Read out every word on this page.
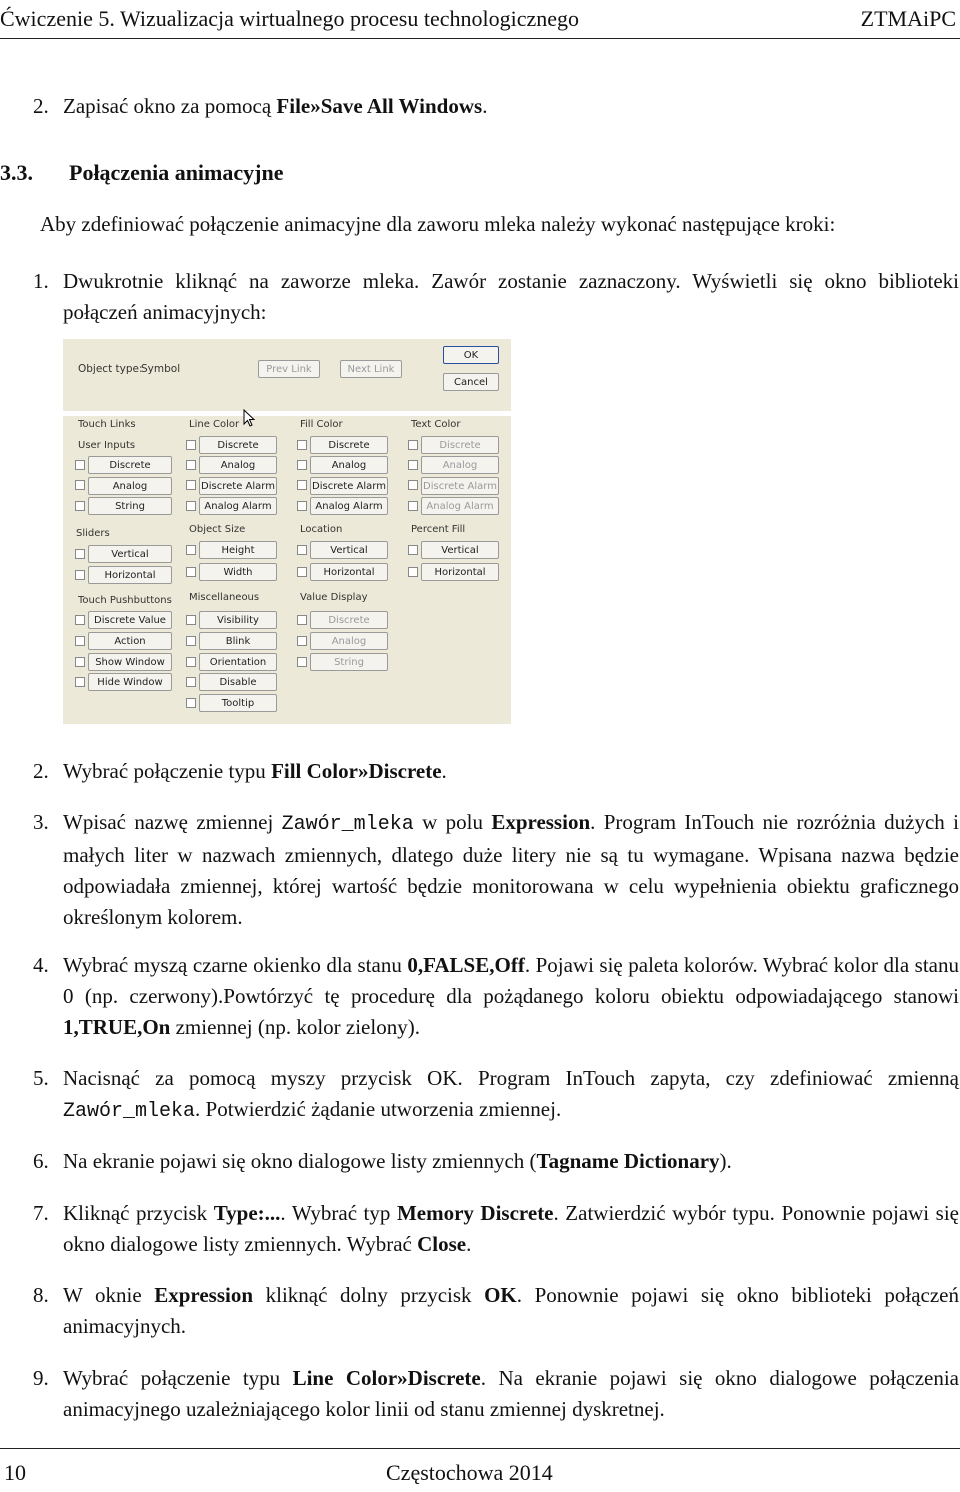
Ćwiczenie 5. Wizualizacja wirtualnego procesu technologicznego	ZTMAiPC
2. Zapisać okno za pomocą File»Save All Windows.
3.3. Połączenia animacyjne
Aby zdefiniować połączenie animacyjne dla zaworu mleka należy wykonać następujące kroki:
1. Dwukrotnie kliknąć na zaworze mleka. Zawór zostanie zaznaczony. Wyświetli się okno biblioteki połączeń animacyjnych:
Object type:
Symbol	Prev Link	Next Link
OK
Cancel
Touch Links
User Inputs
Discrete
Analog
String
Sliders
Vertical
Horizontal
Touch Pushbuttons
Discrete Value
Action
Show Window
Hide Window
Line Color
Discrete
Analog
Discrete Alarm
Analog Alarm
Object Size
Height
Width
Miscellaneous
Visibility
Blink
Orientation
Disable
Tooltip
Fill Color
Discrete
Analog
Discrete Alarm
Analog Alarm
Location
Vertical
Horizontal
Value Display
Discrete
Analog
String
Text Color
Discrete
Analog
Discrete Alarm
Analog Alarm
Percent Fill
Vertical
Horizontal
2. Wybrać połączenie typu Fill Color»Discrete.
3. Wpisać nazwę zmiennej Zawór_mleka w polu Expression. Program InTouch nie rozróżnia dużych i małych liter w nazwach zmiennych, dlatego duże litery nie są tu wymagane. Wpisana nazwa będzie odpowiadała zmiennej, której wartość będzie monitorowana w celu wypełnienia obiektu graficznego określonym kolorem.
4. Wybrać myszą czarne okienko dla stanu 0,FALSE,Off. Pojawi się paleta kolorów. Wybrać kolor dla stanu 0 (np. czerwony).Powtórzyć tę procedurę dla pożądanego koloru obiektu odpowiadającego stanowi 1,TRUE,On zmiennej (np. kolor zielony).
5. Nacisnąć za pomocą myszy przycisk OK. Program InTouch zapyta, czy zdefiniować zmienną Zawór_mleka. Potwierdzić żądanie utworzenia zmiennej.
6. Na ekranie pojawi się okno dialogowe listy zmiennych (Tagname Dictionary).
7. Kliknąć przycisk Type:.... Wybrać typ Memory Discrete. Zatwierdzić wybór typu. Ponownie pojawi się okno dialogowe listy zmiennych. Wybrać Close.
8. W oknie Expression kliknąć dolny przycisk OK. Ponownie pojawi się okno biblioteki połączeń animacyjnych.
9. Wybrać połączenie typu Line Color»Discrete. Na ekranie pojawi się okno dialogowe połączenia animacyjnego uzależniającego kolor linii od stanu zmiennej dyskretnej.
10	Częstochowa 2014
